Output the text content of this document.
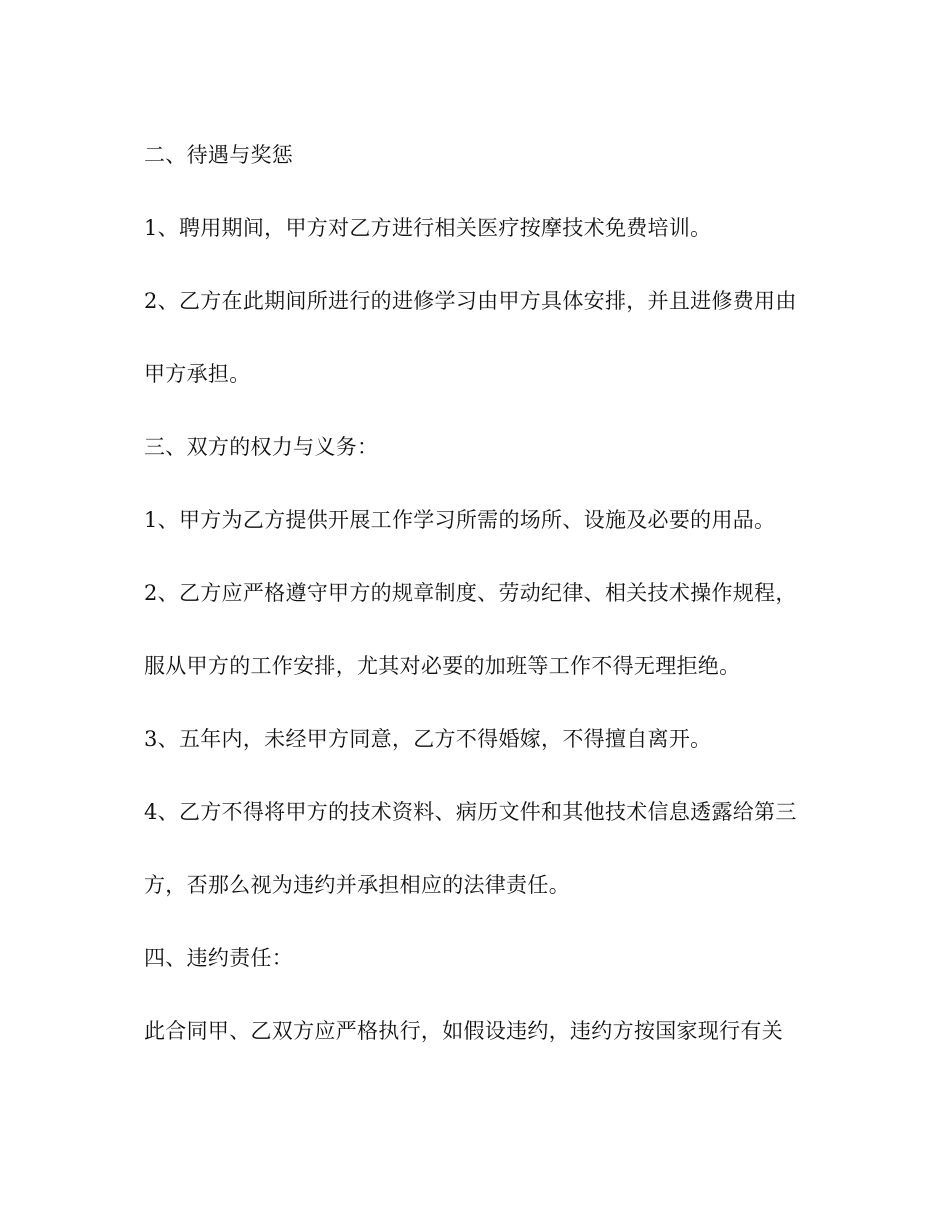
二、待遇与奖惩
1、聘用期间，甲方对乙方进行相关医疗按摩技术免费培训。
2、乙方在此期间所进行的进修学习由甲方具体安排，并且进修费用由
甲方承担。
三、双方的权力与义务：
1、甲方为乙方提供开展工作学习所需的场所、设施及必要的用品。
2、乙方应严格遵守甲方的规章制度、劳动纪律、相关技术操作规程，
服从甲方的工作安排，尤其对必要的加班等工作不得无理拒绝。
3、五年内，未经甲方同意，乙方不得婚嫁，不得擅自离开。
4、乙方不得将甲方的技术资料、病历文件和其他技术信息透露给第三
方，否那么视为违约并承担相应的法律责任。
四、违约责任：
此合同甲、乙双方应严格执行，如假设违约，违约方按国家现行有关
